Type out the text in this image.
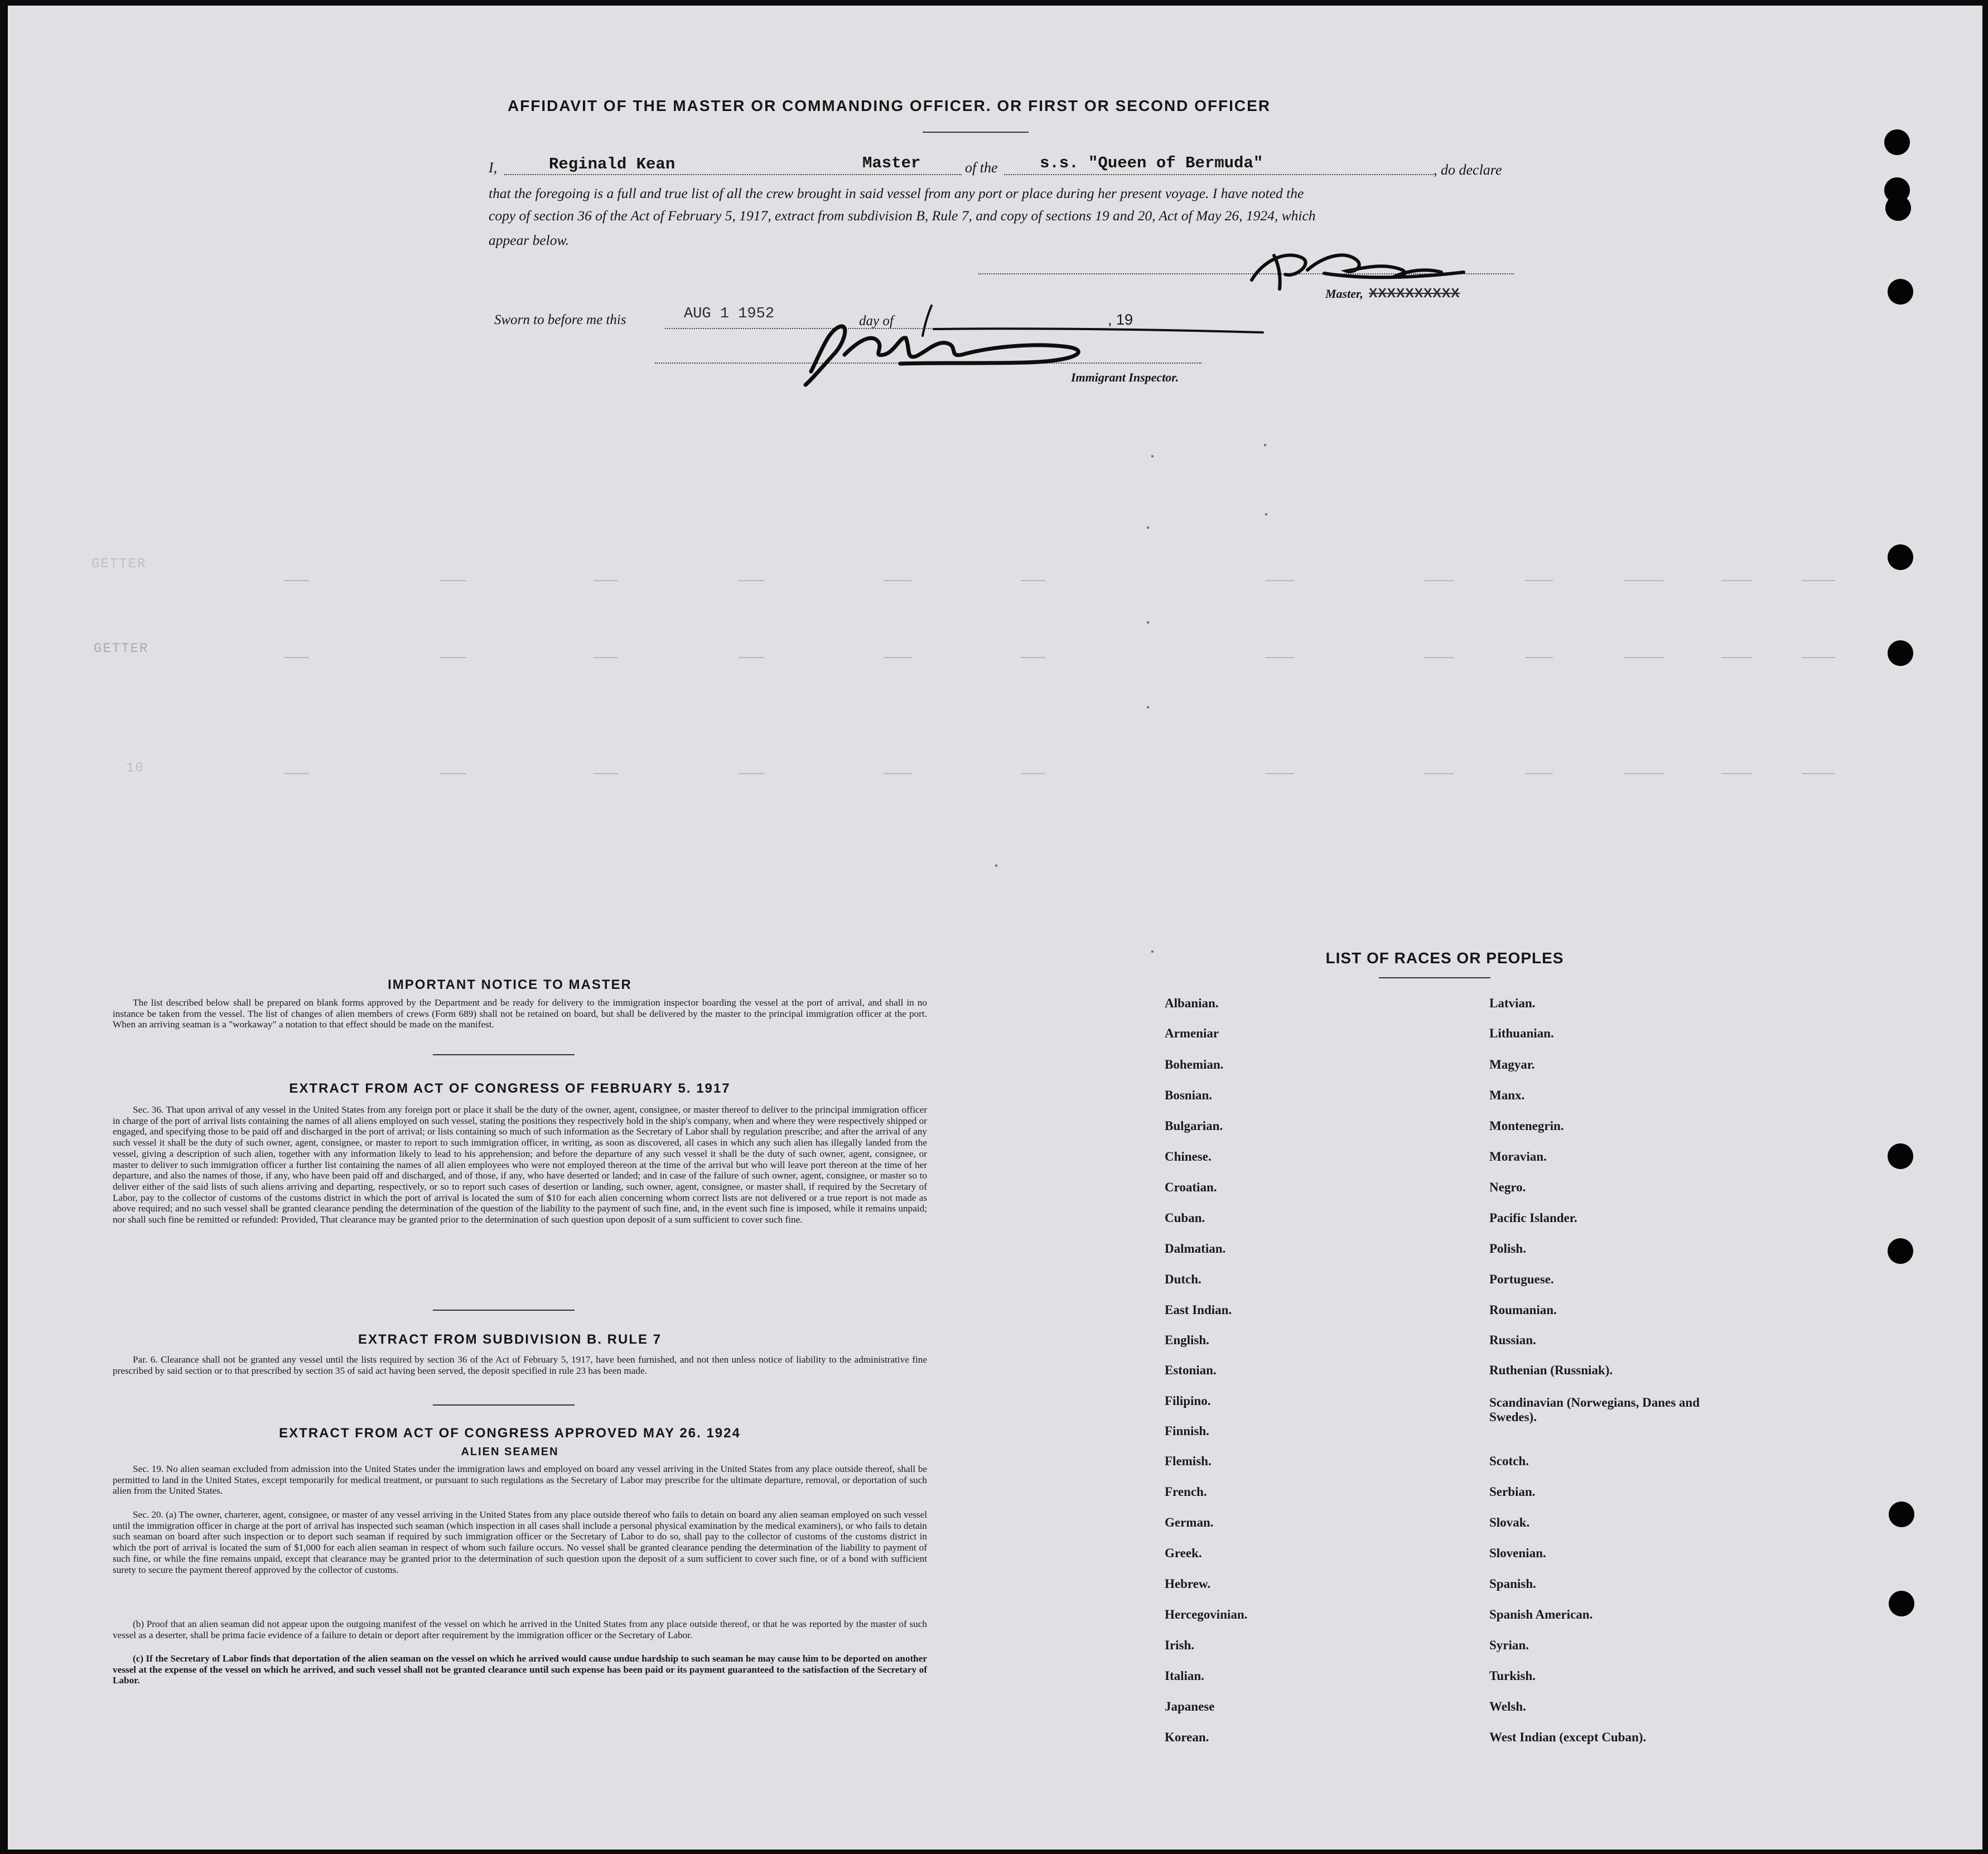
AFFIDAVIT OF THE MASTER OR COMMANDING OFFICER. OR FIRST OR SECOND OFFICER
I,	Reginald Kean	Master	of the	s.s. "Queen of Bermuda"	, do declare
that the foregoing is a full and true list of all the crew brought in said vessel from any port or place during her present voyage. I have noted the
copy of section 36 of the Act of February 5, 1917, extract from subdivision B, Rule 7, and copy of sections 19 and 20, Act of May 26, 1924, which
appear below.
Master, XXXXXXXXXX
Sworn to before me this	AUG 1 1952	day of	, 19
Immigrant Inspector.
GETTER
GETTER
10
IMPORTANT NOTICE TO MASTER
The list described below shall be prepared on blank forms approved by the Department and be ready for delivery to the immigration inspector boarding the vessel at the port of arrival, and shall in no instance be taken from the vessel. The list of changes of alien members of crews (Form 689) shall not be retained on board, but shall be delivered by the master to the principal immigration officer at the port. When an arriving seaman is a "workaway" a notation to that effect should be made on the manifest.
EXTRACT FROM ACT OF CONGRESS OF FEBRUARY 5. 1917
Sec. 36. That upon arrival of any vessel in the United States from any foreign port or place it shall be the duty of the owner, agent, consignee, or master thereof to deliver to the principal immigration officer in charge of the port of arrival lists containing the names of all aliens employed on such vessel, stating the positions they respectively hold in the ship's company, when and where they were respectively shipped or engaged, and specifying those to be paid off and discharged in the port of arrival; or lists containing so much of such information as the Secretary of Labor shall by regulation prescribe; and after the arrival of any such vessel it shall be the duty of such owner, agent, consignee, or master to report to such immigration officer, in writing, as soon as discovered, all cases in which any such alien has illegally landed from the vessel, giving a description of such alien, together with any information likely to lead to his apprehension; and before the departure of any such vessel it shall be the duty of such owner, agent, consignee, or master to deliver to such immigration officer a further list containing the names of all alien employees who were not employed thereon at the time of the arrival but who will leave port thereon at the time of her departure, and also the names of those, if any, who have been paid off and discharged, and of those, if any, who have deserted or landed; and in case of the failure of such owner, agent, consignee, or master so to deliver either of the said lists of such aliens arriving and departing, respectively, or so to report such cases of desertion or landing, such owner, agent, consignee, or master shall, if required by the Secretary of Labor, pay to the collector of customs of the customs district in which the port of arrival is located the sum of $10 for each alien concerning whom correct lists are not delivered or a true report is not made as above required; and no such vessel shall be granted clearance pending the determination of the question of the liability to the payment of such fine, and, in the event such fine is imposed, while it remains unpaid; nor shall such fine be remitted or refunded: Provided, That clearance may be granted prior to the determination of such question upon deposit of a sum sufficient to cover such fine.
EXTRACT FROM SUBDIVISION B. RULE 7
Par. 6. Clearance shall not be granted any vessel until the lists required by section 36 of the Act of February 5, 1917, have been furnished, and not then unless notice of liability to the administrative fine prescribed by said section or to that prescribed by section 35 of said act having been served, the deposit specified in rule 23 has been made.
EXTRACT FROM ACT OF CONGRESS APPROVED MAY 26. 1924
ALIEN SEAMEN
Sec. 19. No alien seaman excluded from admission into the United States under the immigration laws and employed on board any vessel arriving in the United States from any place outside thereof, shall be permitted to land in the United States, except temporarily for medical treatment, or pursuant to such regulations as the Secretary of Labor may prescribe for the ultimate departure, removal, or deportation of such alien from the United States.
Sec. 20. (a) The owner, charterer, agent, consignee, or master of any vessel arriving in the United States from any place outside thereof who fails to detain on board any alien seaman employed on such vessel until the immigration officer in charge at the port of arrival has inspected such seaman (which inspection in all cases shall include a personal physical examination by the medical examiners), or who fails to detain such seaman on board after such inspection or to deport such seaman if required by such immigration officer or the Secretary of Labor to do so, shall pay to the collector of customs of the customs district in which the port of arrival is located the sum of $1,000 for each alien seaman in respect of whom such failure occurs. No vessel shall be granted clearance pending the determination of the liability to payment of such fine, or while the fine remains unpaid, except that clearance may be granted prior to the determination of such question upon the deposit of a sum sufficient to cover such fine, or of a bond with sufficient surety to secure the payment thereof approved by the collector of customs.
(b) Proof that an alien seaman did not appear upon the outgoing manifest of the vessel on which he arrived in the United States from any place outside thereof, or that he was reported by the master of such vessel as a deserter, shall be prima facie evidence of a failure to detain or deport after requirement by the immigration officer or the Secretary of Labor.
(c) If the Secretary of Labor finds that deportation of the alien seaman on the vessel on which he arrived would cause undue hardship to such seaman he may cause him to be deported on another vessel at the expense of the vessel on which he arrived, and such vessel shall not be granted clearance until such expense has been paid or its payment guaranteed to the satisfaction of the Secretary of Labor.
LIST OF RACES OR PEOPLES
Albanian.
Armeniar
Bohemian.
Bosnian.
Bulgarian.
Chinese.
Croatian.
Cuban.
Dalmatian.
Dutch.
East Indian.
English.
Estonian.
Filipino.
Finnish.
Flemish.
French.
German.
Greek.
Hebrew.
Hercegovinian.
Irish.
Italian.
Japanese
Korean.
Latvian.
Lithuanian.
Magyar.
Manx.
Montenegrin.
Moravian.
Negro.
Pacific Islander.
Polish.
Portuguese.
Roumanian.
Russian.
Ruthenian (Russniak).
Scandinavian (Norwegians, Danes and Swedes).
Scotch.
Serbian.
Slovak.
Slovenian.
Spanish.
Spanish American.
Syrian.
Turkish.
Welsh.
West Indian (except Cuban).
